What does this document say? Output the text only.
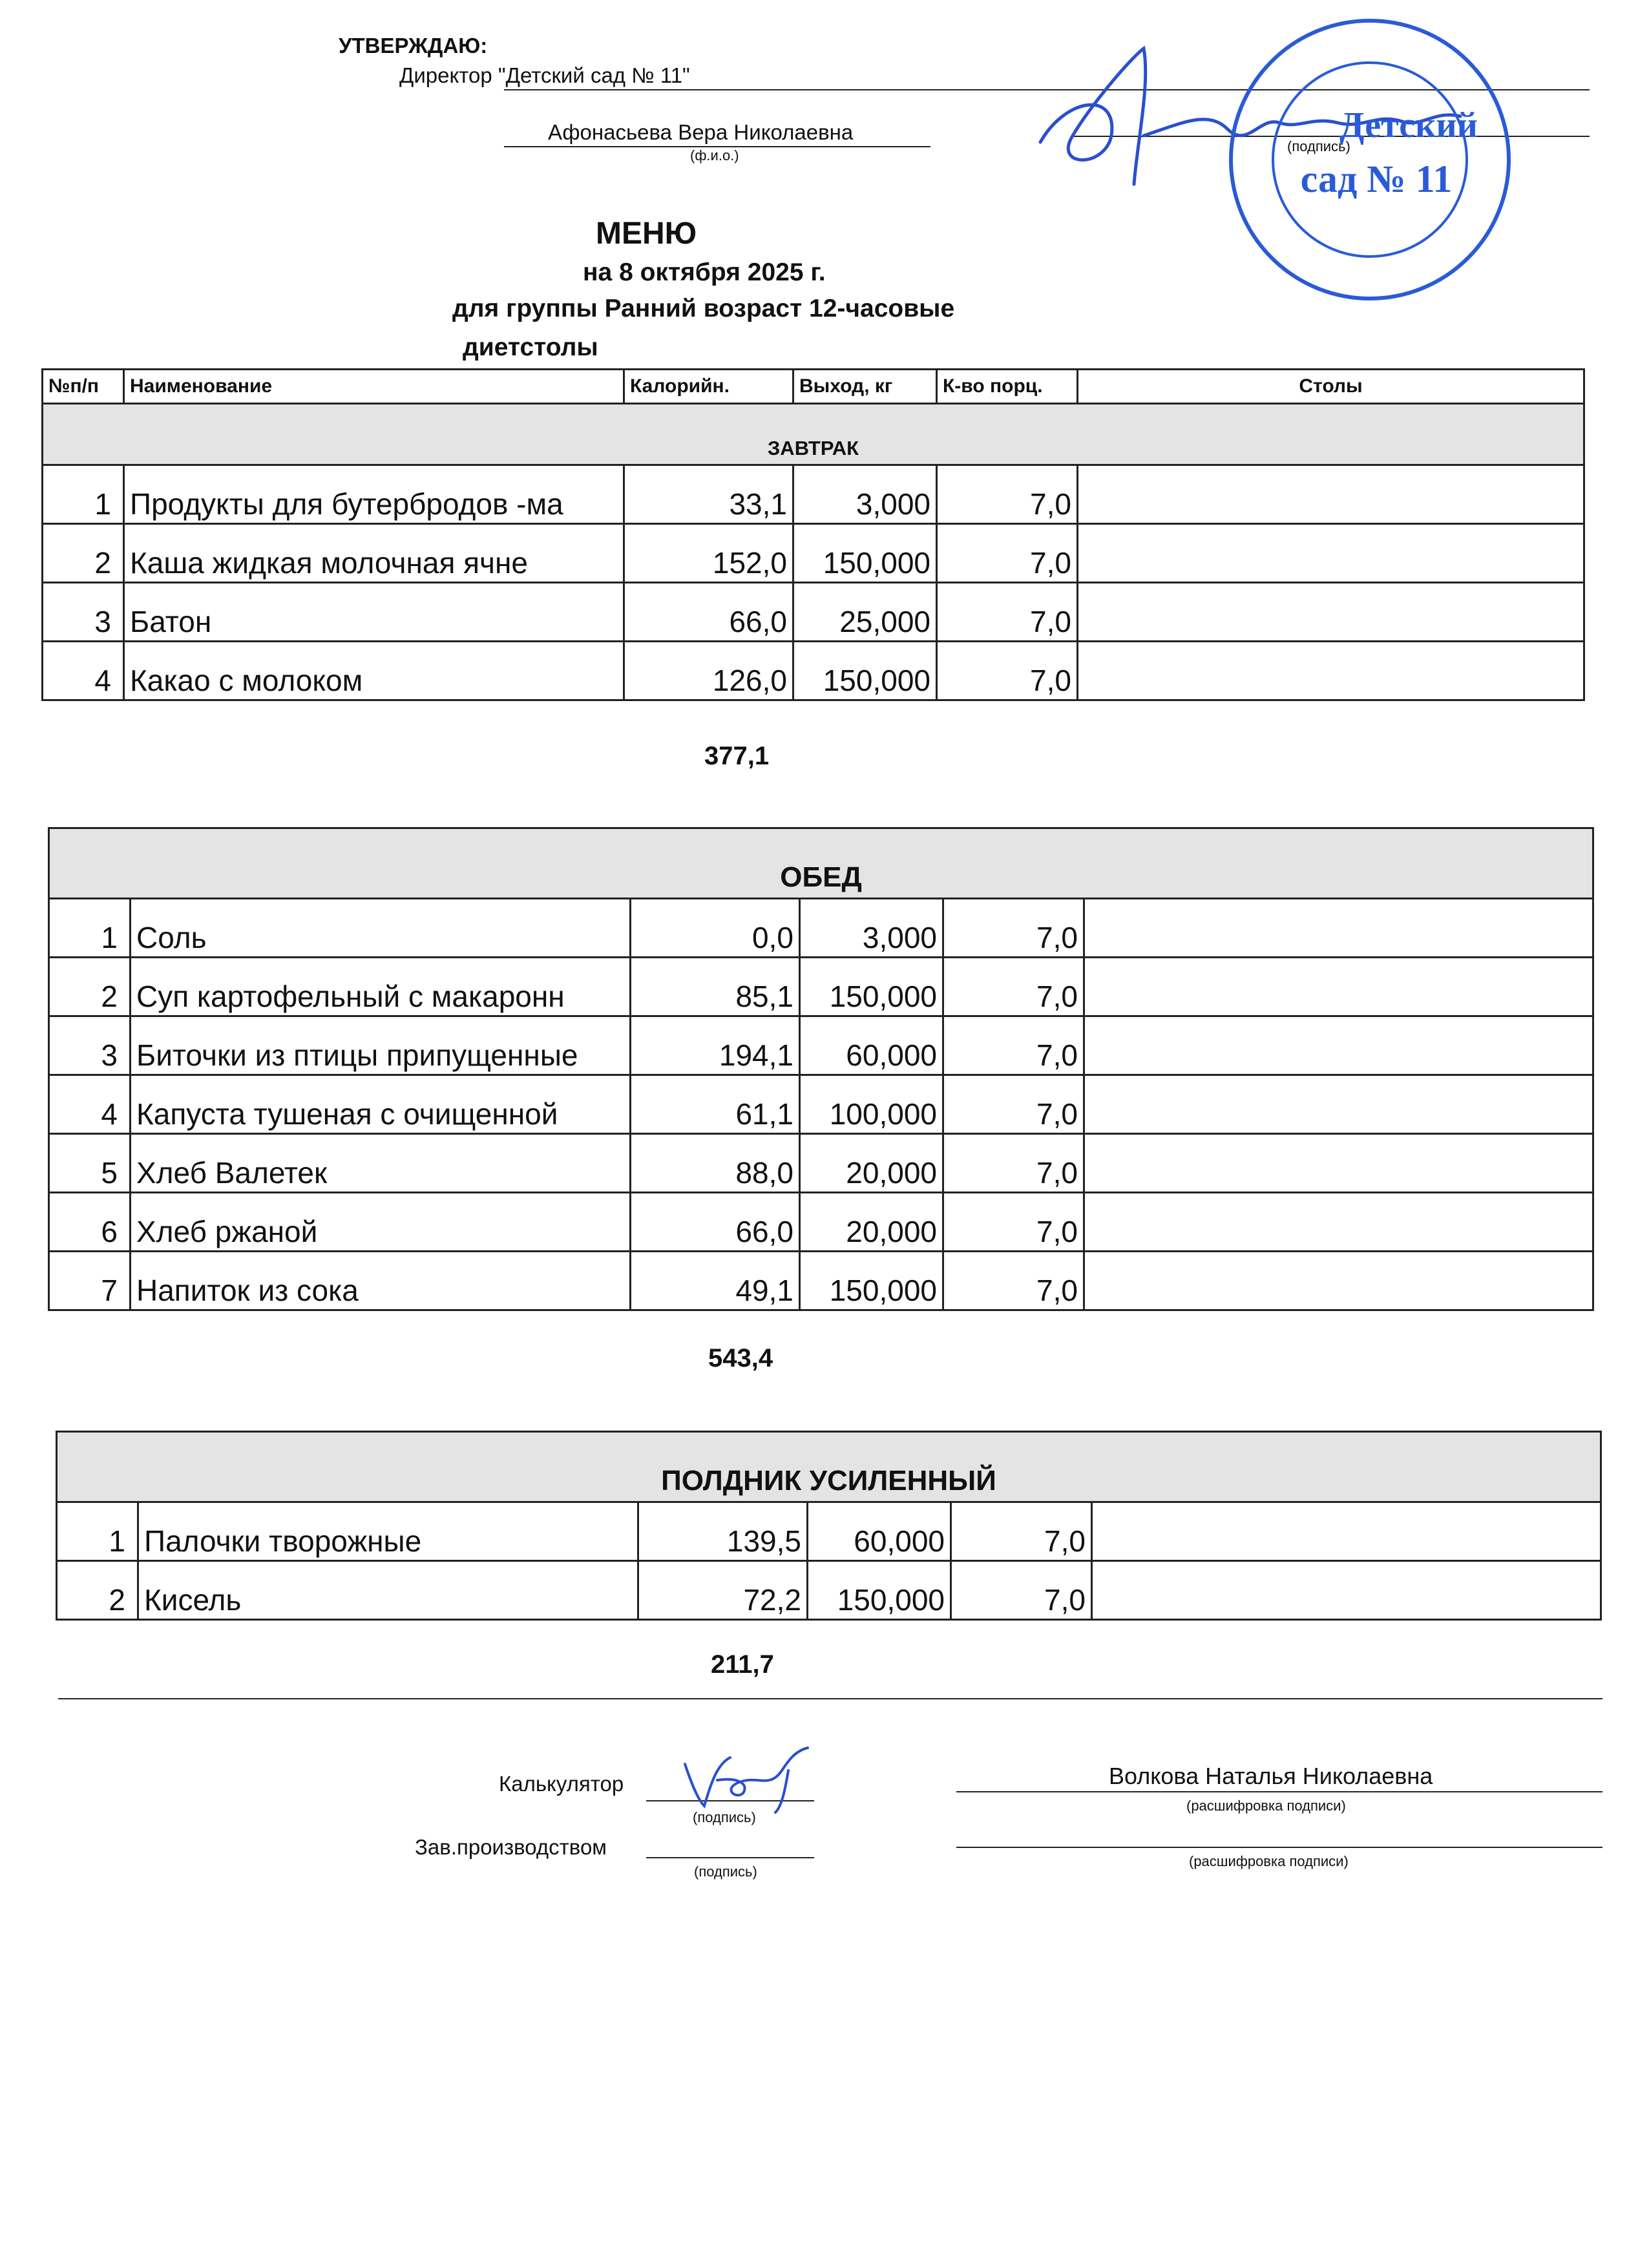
УТВЕРЖДАЮ:
Директор "Детский сад № 11"
Афонасьева Вера Николаевна
(ф.и.о.)
(подпись)
Детский
сад № 11
МЕНЮ
на 8 октября 2025 г.
для группы Ранний возраст 12-часовые
диетстолы
№п/п	Наименование	Калорийн.	Выход, кг	К-во порц.	Столы
ЗАВТРАК					
1	Продукты для бутербродов -ма	33,1	3,000	7,0	
2	Каша жидкая молочная ячне	152,0	150,000	7,0	
3	Батон	66,0	25,000	7,0	
4	Какао с молоком	126,0	150,000	7,0	
377,1
ОБЕД					
1	Соль	0,0	3,000	7,0	
2	Суп картофельный с макаронн	85,1	150,000	7,0	
3	Биточки из птицы припущенные	194,1	60,000	7,0	
4	Капуста тушеная с очищенной	61,1	100,000	7,0	
5	Хлеб Валетек	88,0	20,000	7,0	
6	Хлеб ржаной	66,0	20,000	7,0	
7	Напиток из сока	49,1	150,000	7,0	
543,4
ПОЛДНИК УСИЛЕННЫЙ					
1	Палочки творожные	139,5	60,000	7,0	
2	Кисель	72,2	150,000	7,0	
211,7
Калькулятор
(подпись)
Волкова Наталья Николаевна
(расшифровка подписи)
Зав.производством
(подпись)
(расшифровка подписи)
